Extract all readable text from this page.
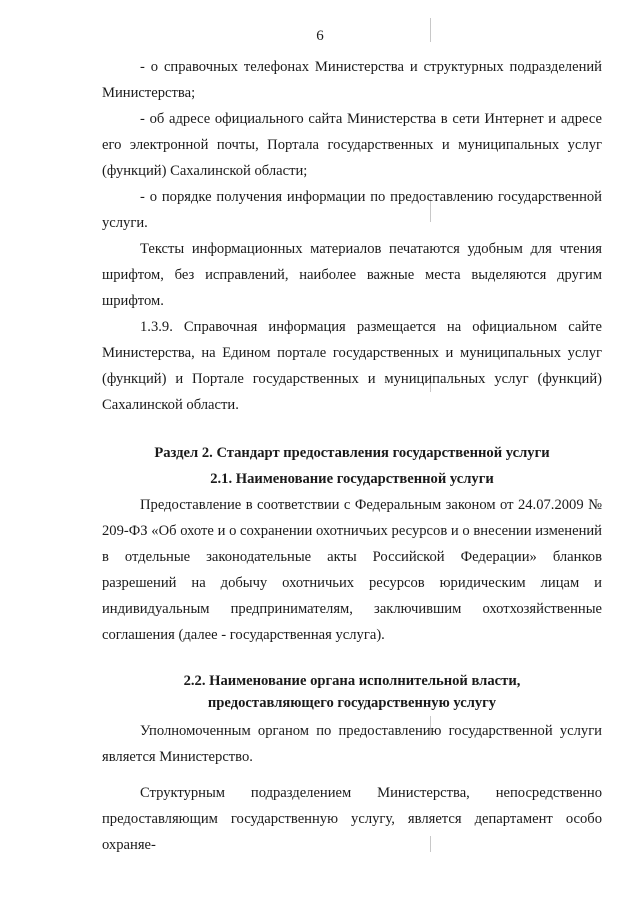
6

- о справочных телефонах Министерства и структурных подразделений Министерства;

- об адресе официального сайта Министерства в сети Интернет и адресе его электронной почты, Портала государственных и муниципальных услуг (функций) Сахалинской области;

- о порядке получения информации по предоставлению государственной услуги.

Тексты информационных материалов печатаются удобным для чтения шрифтом, без исправлений, наиболее важные места выделяются другим шрифтом.

1.3.9. Справочная информация размещается на официальном сайте Министерства, на Едином портале государственных и муниципальных услуг (функций) и Портале государственных и муниципальных услуг (функций) Сахалинской области.

Раздел 2. Стандарт предоставления государственной услуги

2.1. Наименование государственной услуги

Предоставление в соответствии с Федеральным законом от 24.07.2009 № 209-ФЗ «Об охоте и о сохранении охотничьих ресурсов и о внесении изменений в отдельные законодательные акты Российской Федерации» бланков разрешений на добычу охотничьих ресурсов юридическим лицам и индивидуальным предпринимателям, заключившим охотхозяйственные соглашения (далее - государственная услуга).

2.2. Наименование органа исполнительной власти,

предоставляющего государственную услугу

Уполномоченным органом по предоставлению государственной услуги является Министерство.

Структурным подразделением Министерства, непосредственно предоставляющим государственную услугу, является департамент особо охраняе-
